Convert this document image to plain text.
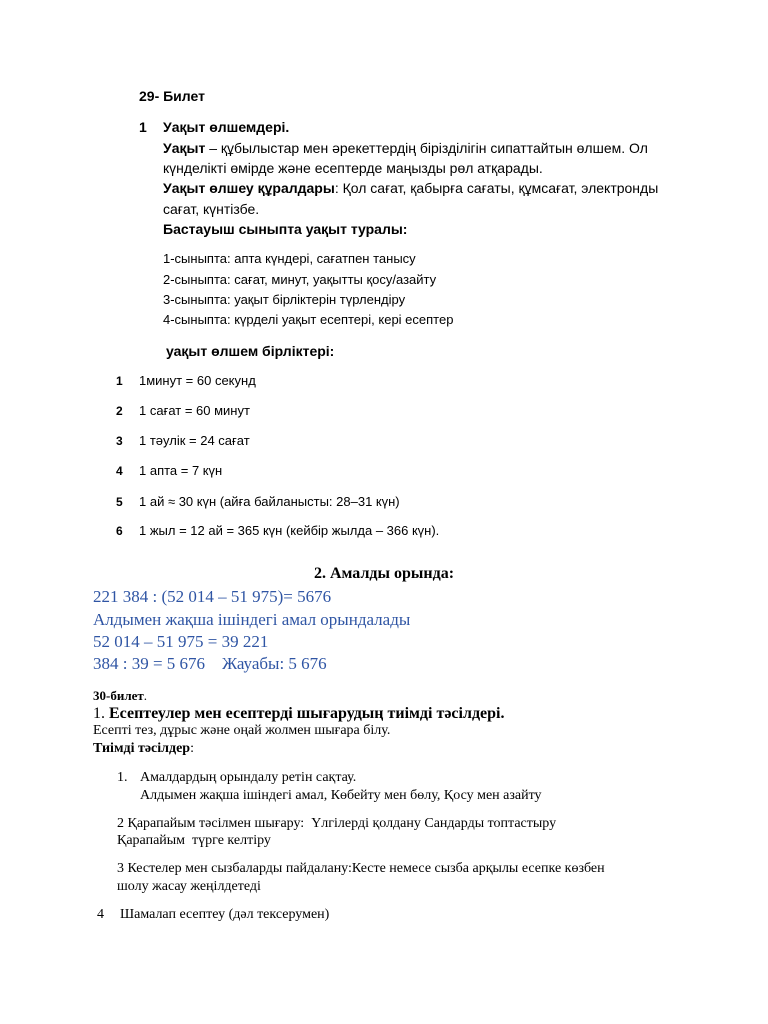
29- Билет
1 Уақыт өлшемдері.
Уақыт – құбылыстар мен әрекеттердің бірізділігін сипаттайтын өлшем. Ол
күнделікті өмірде және есептерде маңызды рөл атқарады.
Уақыт өлшеу құралдары: Қол сағат, қабырға сағаты, құмсағат, электронды
сағат, күнтізбе.
Бастауыш сыныпта уақыт туралы:
1-сыныпта: апта күндері, сағатпен танысу
2-сыныпта: сағат, минут, уақытты қосу/азайту
3-сыныпта: уақыт бірліктерін түрлендіру
4-сыныпта: күрделі уақыт есептері, кері есептер
уақыт өлшем бірліктері:
1 1минут = 60 секунд
2 1 сағат = 60 минут
3 1 тәулік = 24 сағат
4 1 апта = 7 күн
5 1 ай ≈ 30 күн (айға байланысты: 28–31 күн)
6 1 жыл = 12 ай = 365 күн (кейбір жылда – 366 күн).
2. Амалды орында:
221 384 : (52 014 – 51 975)= 5676
Алдымен жақша ішіндегі амал орындалады
52 014 – 51 975 = 39 221
384 : 39 = 5 676    Жауабы: 5 676
30-билет.
1. Есептеулер мен есептерді шығарудың тиімді тәсілдері.
Есепті тез, дұрыс және оңай жолмен шығара білу.
Тиімді тәсілдер:
1. Амалдардың орындалу ретін сақтау.
Алдымен жақша ішіндегі амал, Көбейту мен бөлу, Қосу мен азайту
2 Қарапайым тәсілмен шығару:  Үлгілерді қолдану Сандарды топтастыру
Қарапайым  түрге келтіру
3 Кестелер мен сызбаларды пайдалану:Кесте немесе сызба арқылы есепке көзбен
шолу жасау жеңілдетеді
4 Шамалап есептеу (дәл тексерумен)
